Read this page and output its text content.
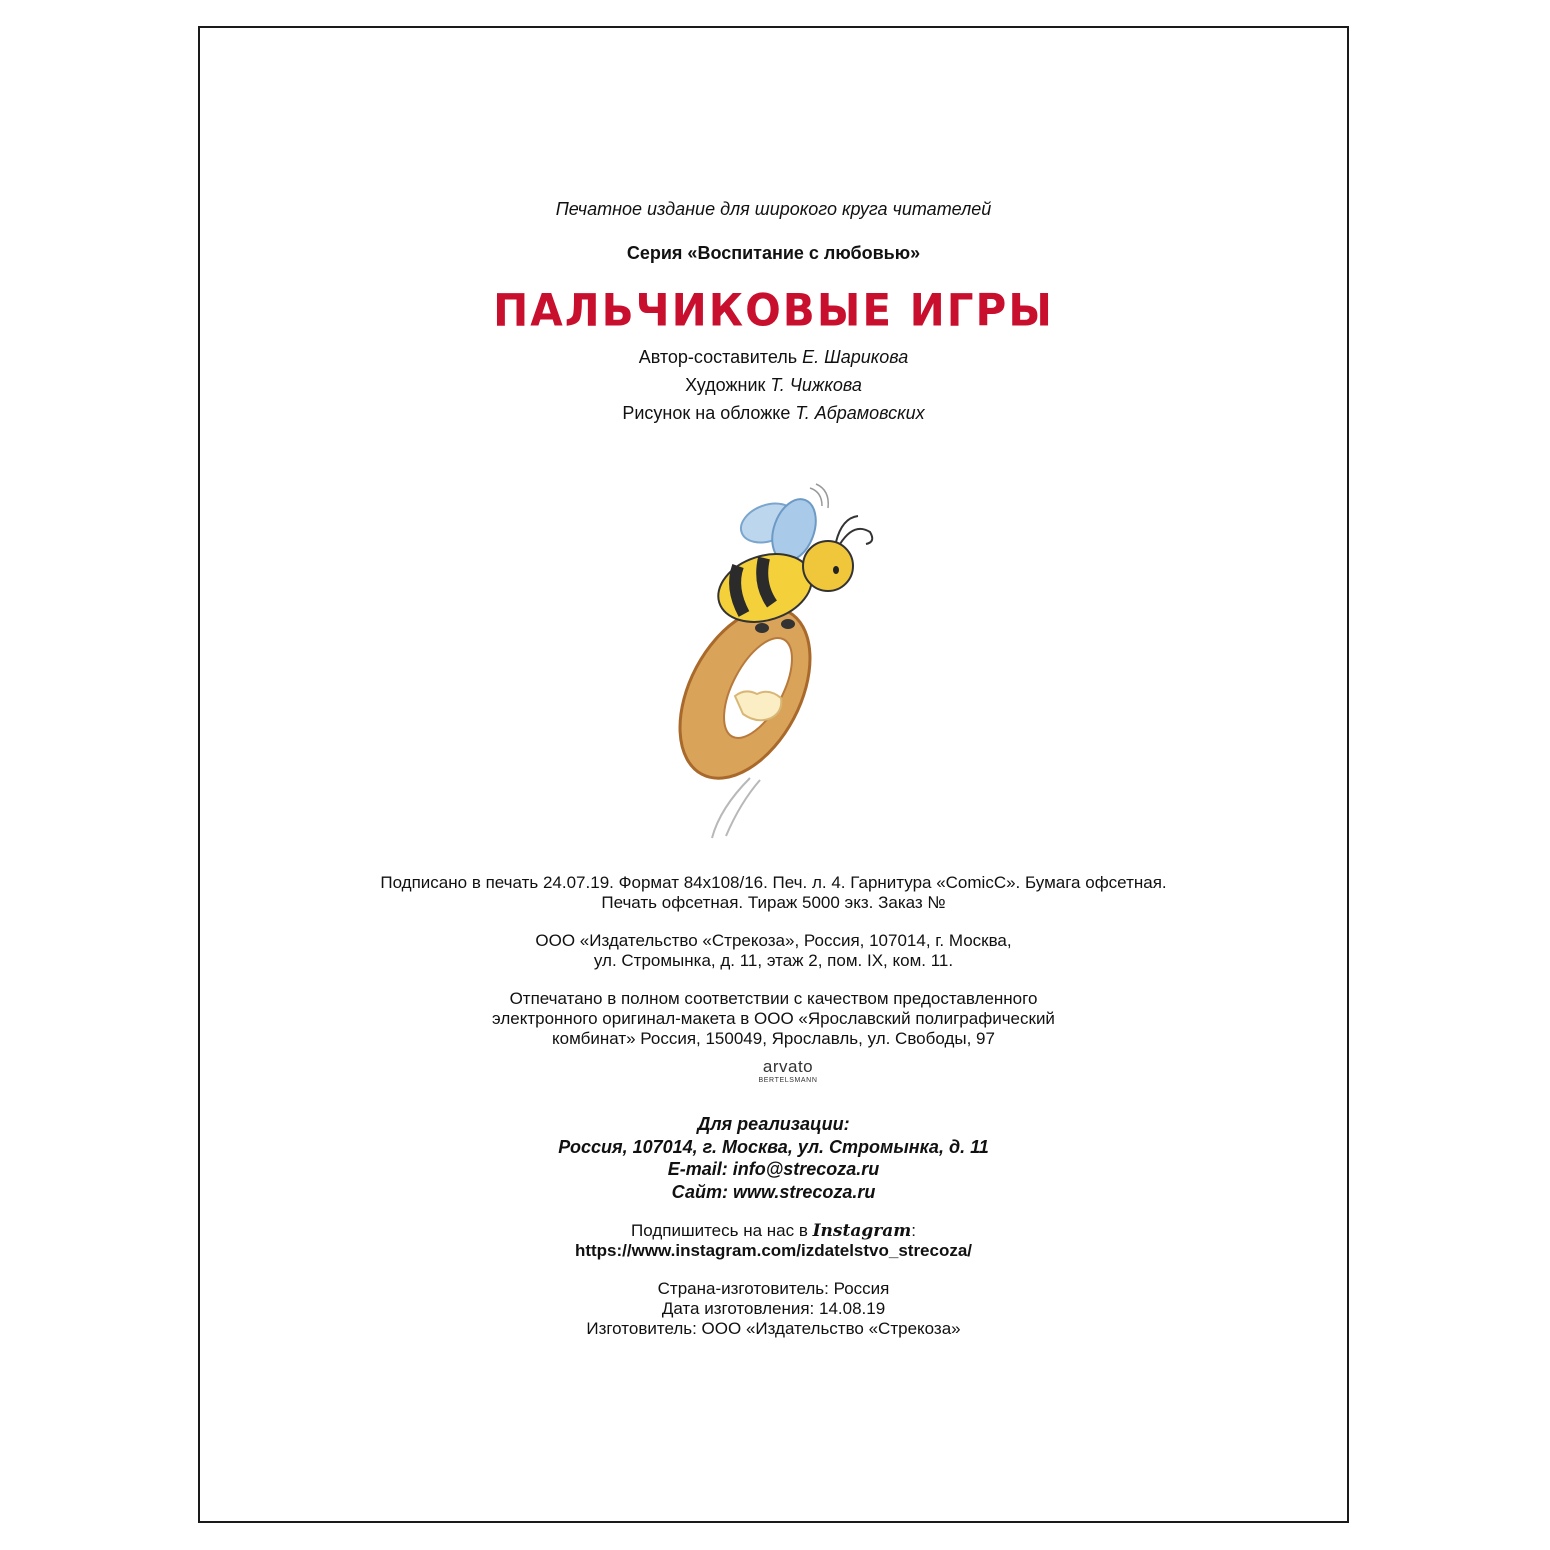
Печатное издание для широкого круга читателей
Серия «Воспитание с любовью»
ПАЛЬЧИКОВЫЕ ИГРЫ
Автор-составитель Е. Шарикова
Художник Т. Чижкова
Рисунок на обложке Т. Абрамовских
Подписано в печать 24.07.19. Формат 84х108/16. Печ. л. 4. Гарнитура «ComicC». Бумага офсетная.
Печать офсетная. Тираж 5000 экз. Заказ №
ООО «Издательство «Стрекоза», Россия, 107014, г. Москва,
ул. Стромынка, д. 11, этаж 2, пом. IX, ком. 11.
Отпечатано в полном соответствии с качеством предоставленного
электронного оригинал-макета в ООО «Ярославский полиграфический
комбинат» Россия, 150049, Ярославль, ул. Свободы, 97
arvato
BERTELSMANN
Для реализации:
Россия, 107014, г. Москва, ул. Стромынка, д. 11
E-mail: info@strecoza.ru
Сайт: www.strecoza.ru
Подпишитесь на нас в Instagram:
https://www.instagram.com/izdatelstvo_strecoza/
Страна-изготовитель: Россия
Дата изготовления: 14.08.19
Изготовитель: ООО «Издательство «Стрекоза»
